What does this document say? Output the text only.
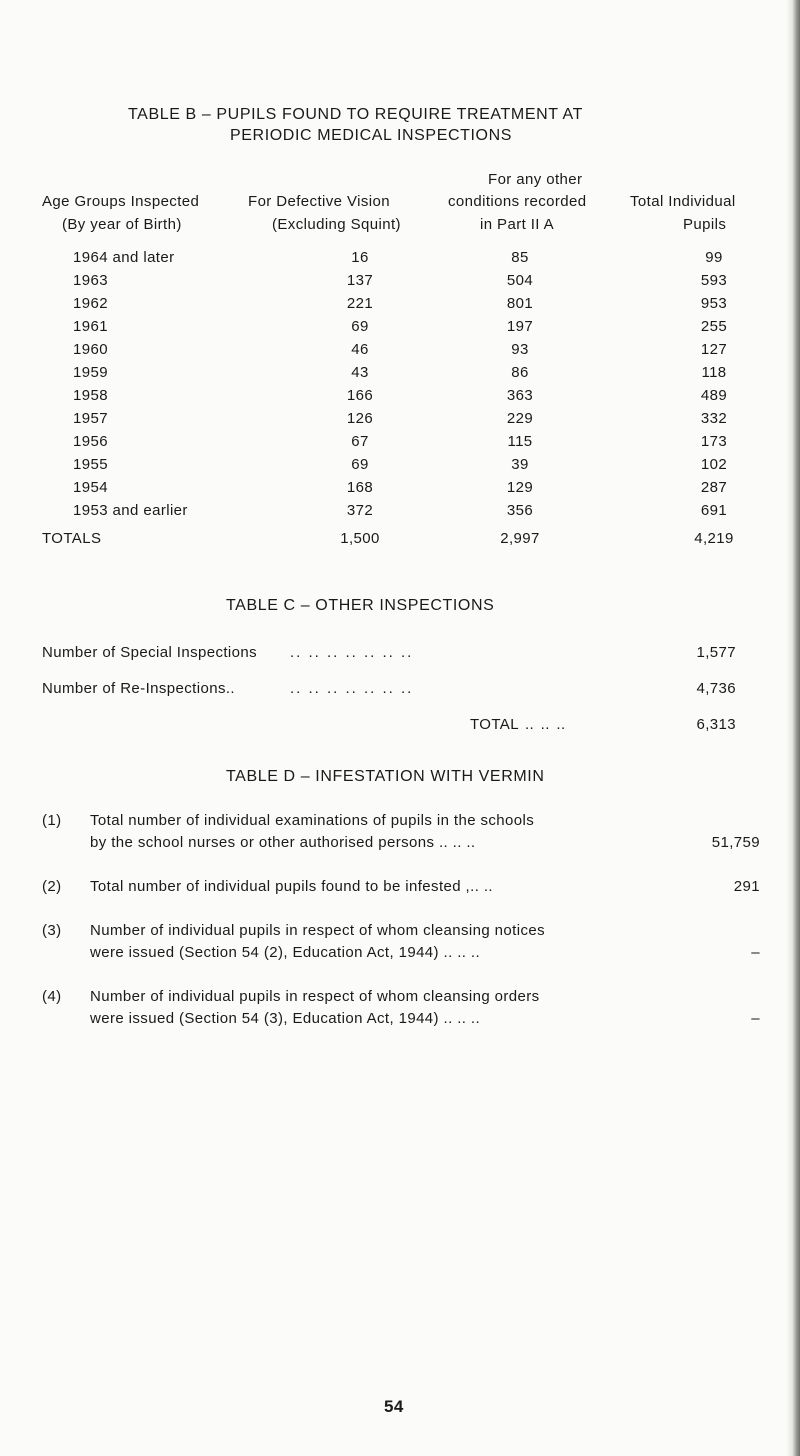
TABLE B – PUPILS FOUND TO REQUIRE TREATMENT AT
PERIODIC MEDICAL INSPECTIONS
For any other
Age Groups Inspected	For Defective Vision	conditions recorded	Total Individual
(By year of Birth)	(Excluding Squint)	in Part II A	Pupils
1964 and later	16	85	99
1963	137	504	593
1962	221	801	953
1961	69	197	255
1960	46	93	127
1959	43	86	118
1958	166	363	489
1957	126	229	332
1956	67	115	173
1955	69	39	102
1954	168	129	287
1953 and earlier	372	356	691
TOTALS	1,500	2,997	4,219
TABLE C – OTHER INSPECTIONS
Number of Special Inspections .. .. .. .. .. .. ..	1,577
Number of Re-Inspections..	.. .. .. .. .. .. ..	4,736
TOTAL .. .. ..	6,313
TABLE D – INFESTATION WITH VERMIN
(1) Total number of individual examinations of pupils in the schools
by the school nurses or other authorised persons .. .. ..	51,759
(2) Total number of individual pupils found to be infested ,.. ..	291
(3) Number of individual pupils in respect of whom cleansing notices
were issued (Section 54 (2), Education Act, 1944) .. .. ..	–
(4) Number of individual pupils in respect of whom cleansing orders
were issued (Section 54 (3), Education Act, 1944) .. .. ..	–
54
